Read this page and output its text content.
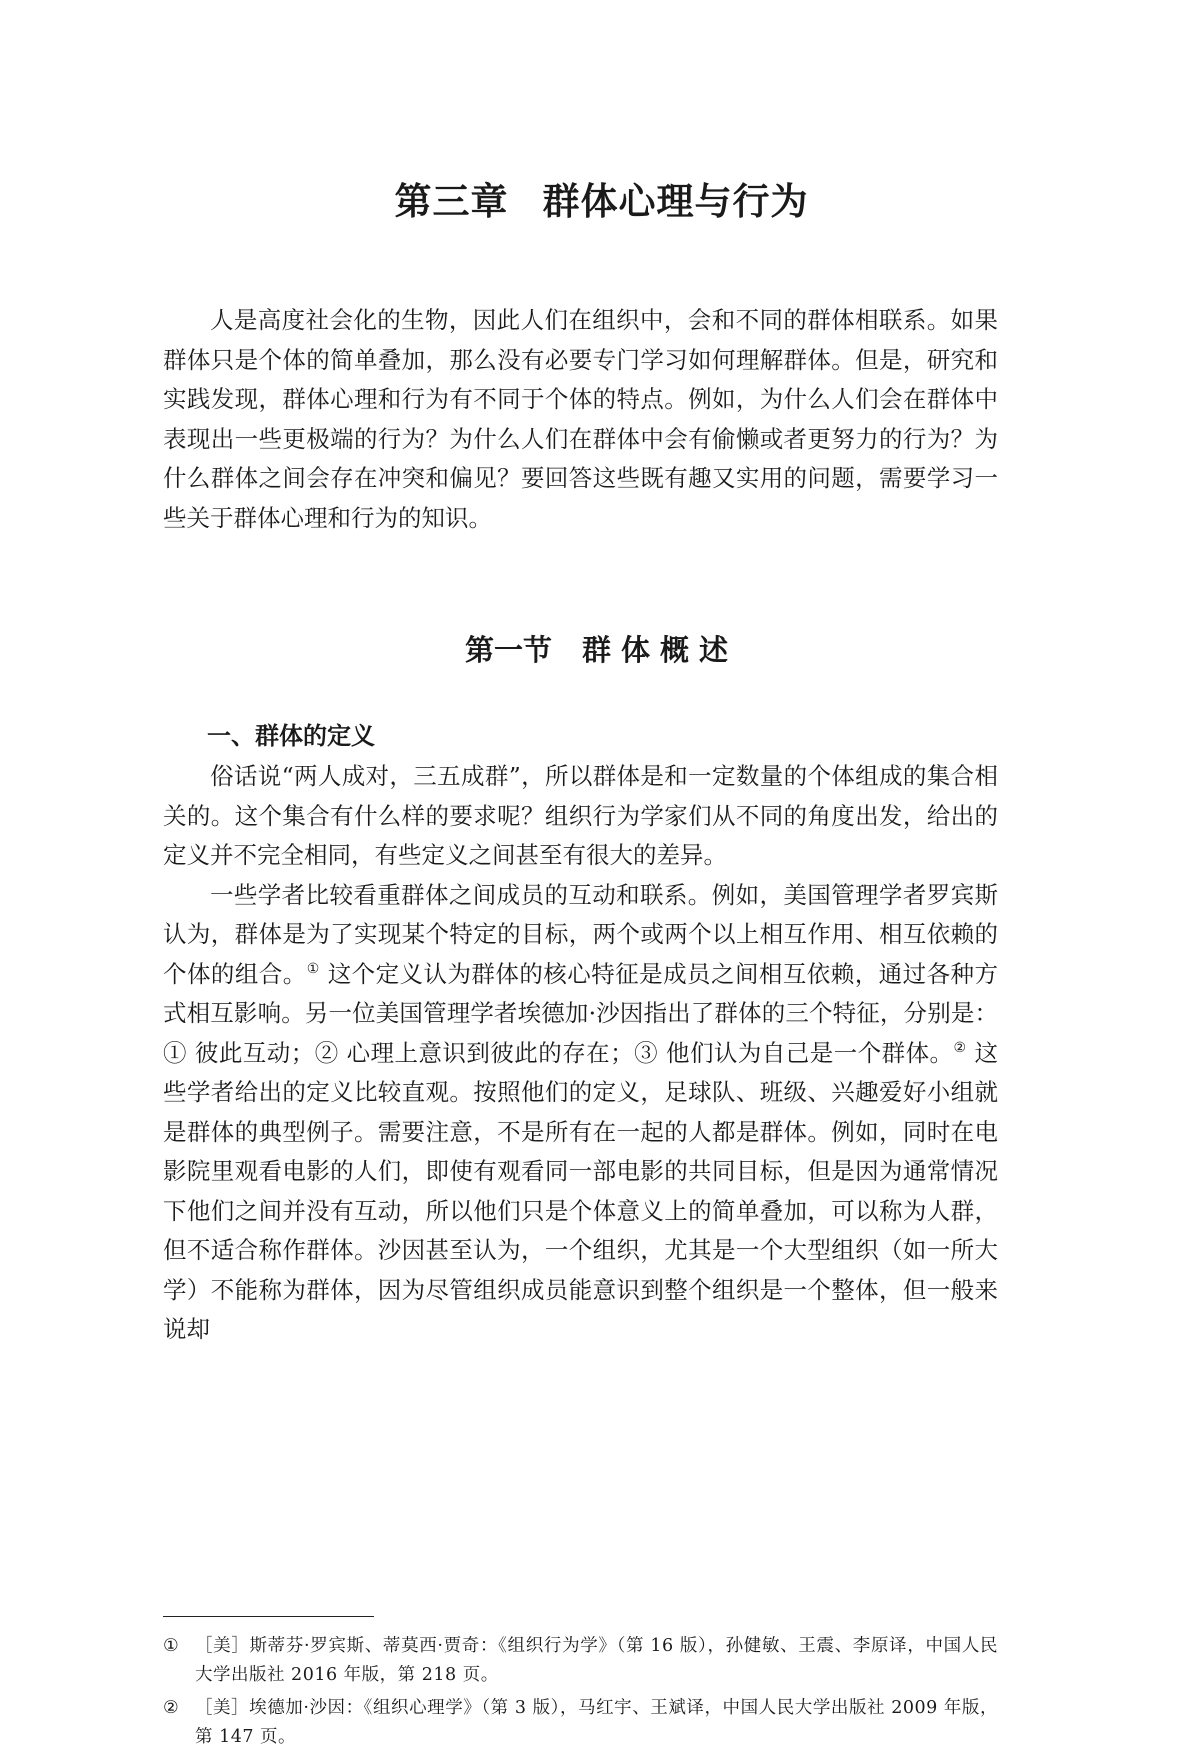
第三章 群体心理与行为

人是高度社会化的生物，因此人们在组织中，会和不同的群体相联系。如果群体只是个体的简单叠加，那么没有必要专门学习如何理解群体。但是，研究和实践发现，群体心理和行为有不同于个体的特点。例如，为什么人们会在群体中表现出一些更极端的行为？为什么人们在群体中会有偷懒或者更努力的行为？为什么群体之间会存在冲突和偏见？要回答这些既有趣又实用的问题，需要学习一些关于群体心理和行为的知识。

第一节 群体概述
一、群体的定义

俗话说“两人成对，三五成群”，所以群体是和一定数量的个体组成的集合相关的。这个集合有什么样的要求呢？组织行为学家们从不同的角度出发，给出的定义并不完全相同，有些定义之间甚至有很大的差异。

一些学者比较看重群体之间成员的互动和联系。例如，美国管理学者罗宾斯认为，群体是为了实现某个特定的目标，两个或两个以上相互作用、相互依赖的个体的组合。① 这个定义认为群体的核心特征是成员之间相互依赖，通过各种方式相互影响。另一位美国管理学者埃德加·沙因指出了群体的三个特征，分别是：① 彼此互动；② 心理上意识到彼此的存在；③ 他们认为自己是一个群体。② 这些学者给出的定义比较直观。按照他们的定义，足球队、班级、兴趣爱好小组就是群体的典型例子。需要注意，不是所有在一起的人都是群体。例如，同时在电影院里观看电影的人们，即使有观看同一部电影的共同目标，但是因为通常情况下他们之间并没有互动，所以他们只是个体意义上的简单叠加，可以称为人群，但不适合称作群体。沙因甚至认为，一个组织，尤其是一个大型组织（如一所大学）不能称为群体，因为尽管组织成员能意识到整个组织是一个整体，但一般来说却

① ［美］斯蒂芬·罗宾斯、蒂莫西·贾奇：《组织行为学》（第 16 版），孙健敏、王震、李原译，中国人民大学出版社 2016 年版，第 218 页。

② ［美］埃德加·沙因：《组织心理学》（第 3 版），马红宇、王斌译，中国人民大学出版社 2009 年版，第 147 页。
